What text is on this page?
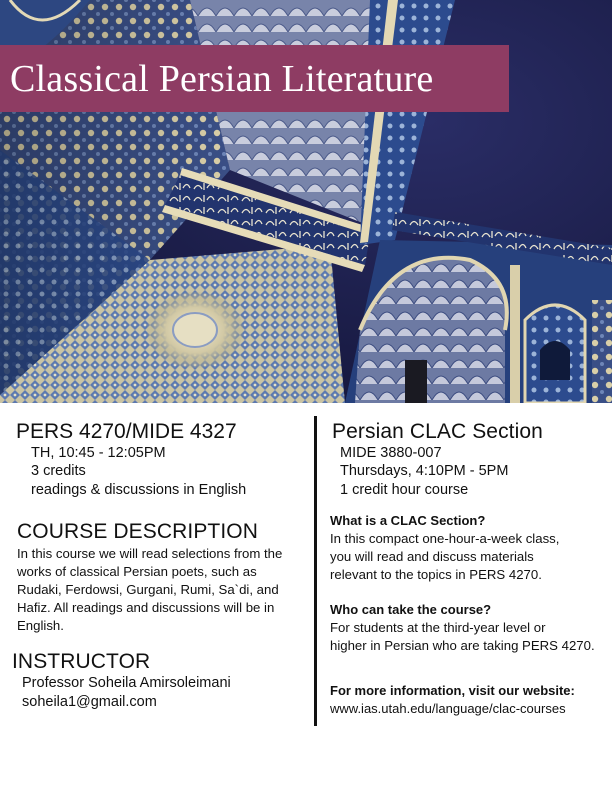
Classical Persian Literature
PERS 4270/MIDE 4327
TH, 10:45 - 12:05PM
3 credits
readings & discussions in English
COURSE DESCRIPTION
In this course we will read selections from the
works of classical Persian poets, such as
Rudaki, Ferdowsi, Gurgani, Rumi, Sa`di, and
Hafiz. All readings and discussions will be in
English.
INSTRUCTOR
Professor Soheila Amirsoleimani
soheila1@gmail.com
Persian CLAC Section
MIDE 3880-007
Thursdays, 4:10PM - 5PM
1 credit hour course
What is a CLAC Section?
In this compact one-hour-a-week class,
you will read and discuss materials
relevant to the topics in PERS 4270.
Who can take the course?
For students at the third-year level or
higher in Persian who are taking PERS 4270.
For more information, visit our website:
www.ias.utah.edu/language/clac-courses
